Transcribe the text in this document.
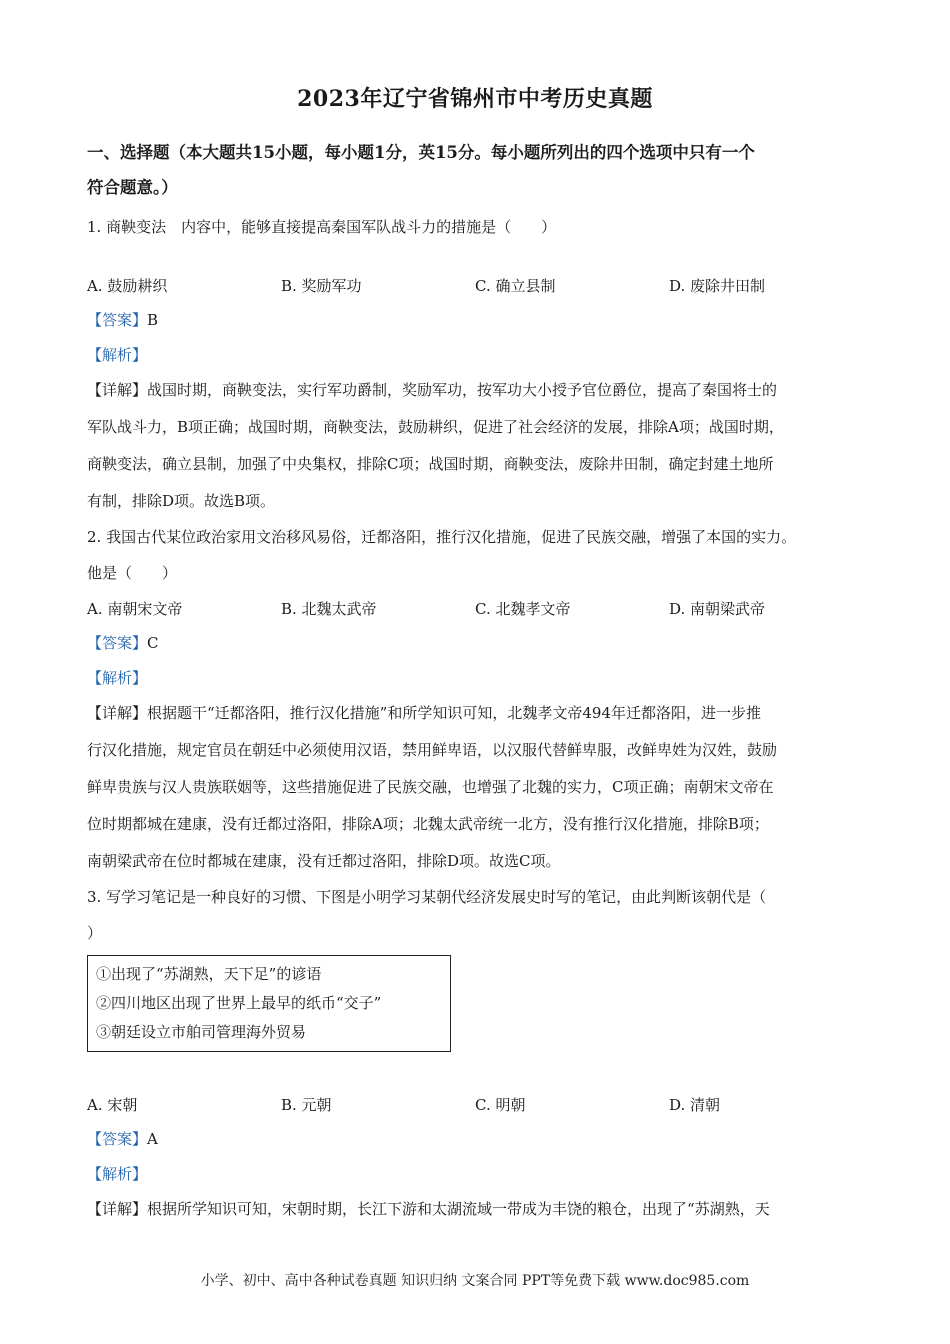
2023年辽宁省锦州市中考历史真题
一、选择题（本大题共15小题，每小题1分，英15分。每小题所列出的四个选项中只有一个
符合题意。）
1. 商鞅变法　内容中，能够直接提高秦国军队战斗力的措施是（　　）
A. 鼓励耕织	B. 奖励军功	C. 确立县制	D. 废除井田制
【答案】B
【解析】
【详解】战国时期，商鞅变法，实行军功爵制，奖励军功，按军功大小授予官位爵位，提高了秦国将士的
军队战斗力，B项正确；战国时期，商鞅变法，鼓励耕织，促进了社会经济的发展，排除A项；战国时期，
商鞅变法，确立县制，加强了中央集权，排除C项；战国时期，商鞅变法，废除井田制，确定封建土地所
有制，排除D项。故选B项。
2. 我国古代某位政治家用文治移风易俗，迁都洛阳，推行汉化措施，促进了民族交融，增强了本国的实力。
他是（　　）
A. 南朝宋文帝	B. 北魏太武帝	C. 北魏孝文帝	D. 南朝梁武帝
【答案】C
【解析】
【详解】根据题干“迁都洛阳，推行汉化措施”和所学知识可知，北魏孝文帝494年迁都洛阳，进一步推
行汉化措施，规定官员在朝廷中必须使用汉语，禁用鲜卑语，以汉服代替鲜卑服，改鲜卑姓为汉姓，鼓励
鲜卑贵族与汉人贵族联姻等，这些措施促进了民族交融，也增强了北魏的实力，C项正确；南朝宋文帝在
位时期都城在建康，没有迁都过洛阳，排除A项；北魏太武帝统一北方，没有推行汉化措施，排除B项；
南朝梁武帝在位时都城在建康，没有迁都过洛阳，排除D项。故选C项。
3. 写学习笔记是一种良好的习惯、下图是小明学习某朝代经济发展史时写的笔记，由此判断该朝代是（
）
①出现了“苏湖熟，天下足”的谚语
②四川地区出现了世界上最早的纸币“交子”
③朝廷设立市舶司管理海外贸易
A. 宋朝	B. 元朝	C. 明朝	D. 清朝
【答案】A
【解析】
【详解】根据所学知识可知，宋朝时期，长江下游和太湖流域一带成为丰饶的粮仓，出现了“苏湖熟，天
小学、初中、高中各种试卷真题 知识归纳 文案合同 PPT等免费下载 www.doc985.com
